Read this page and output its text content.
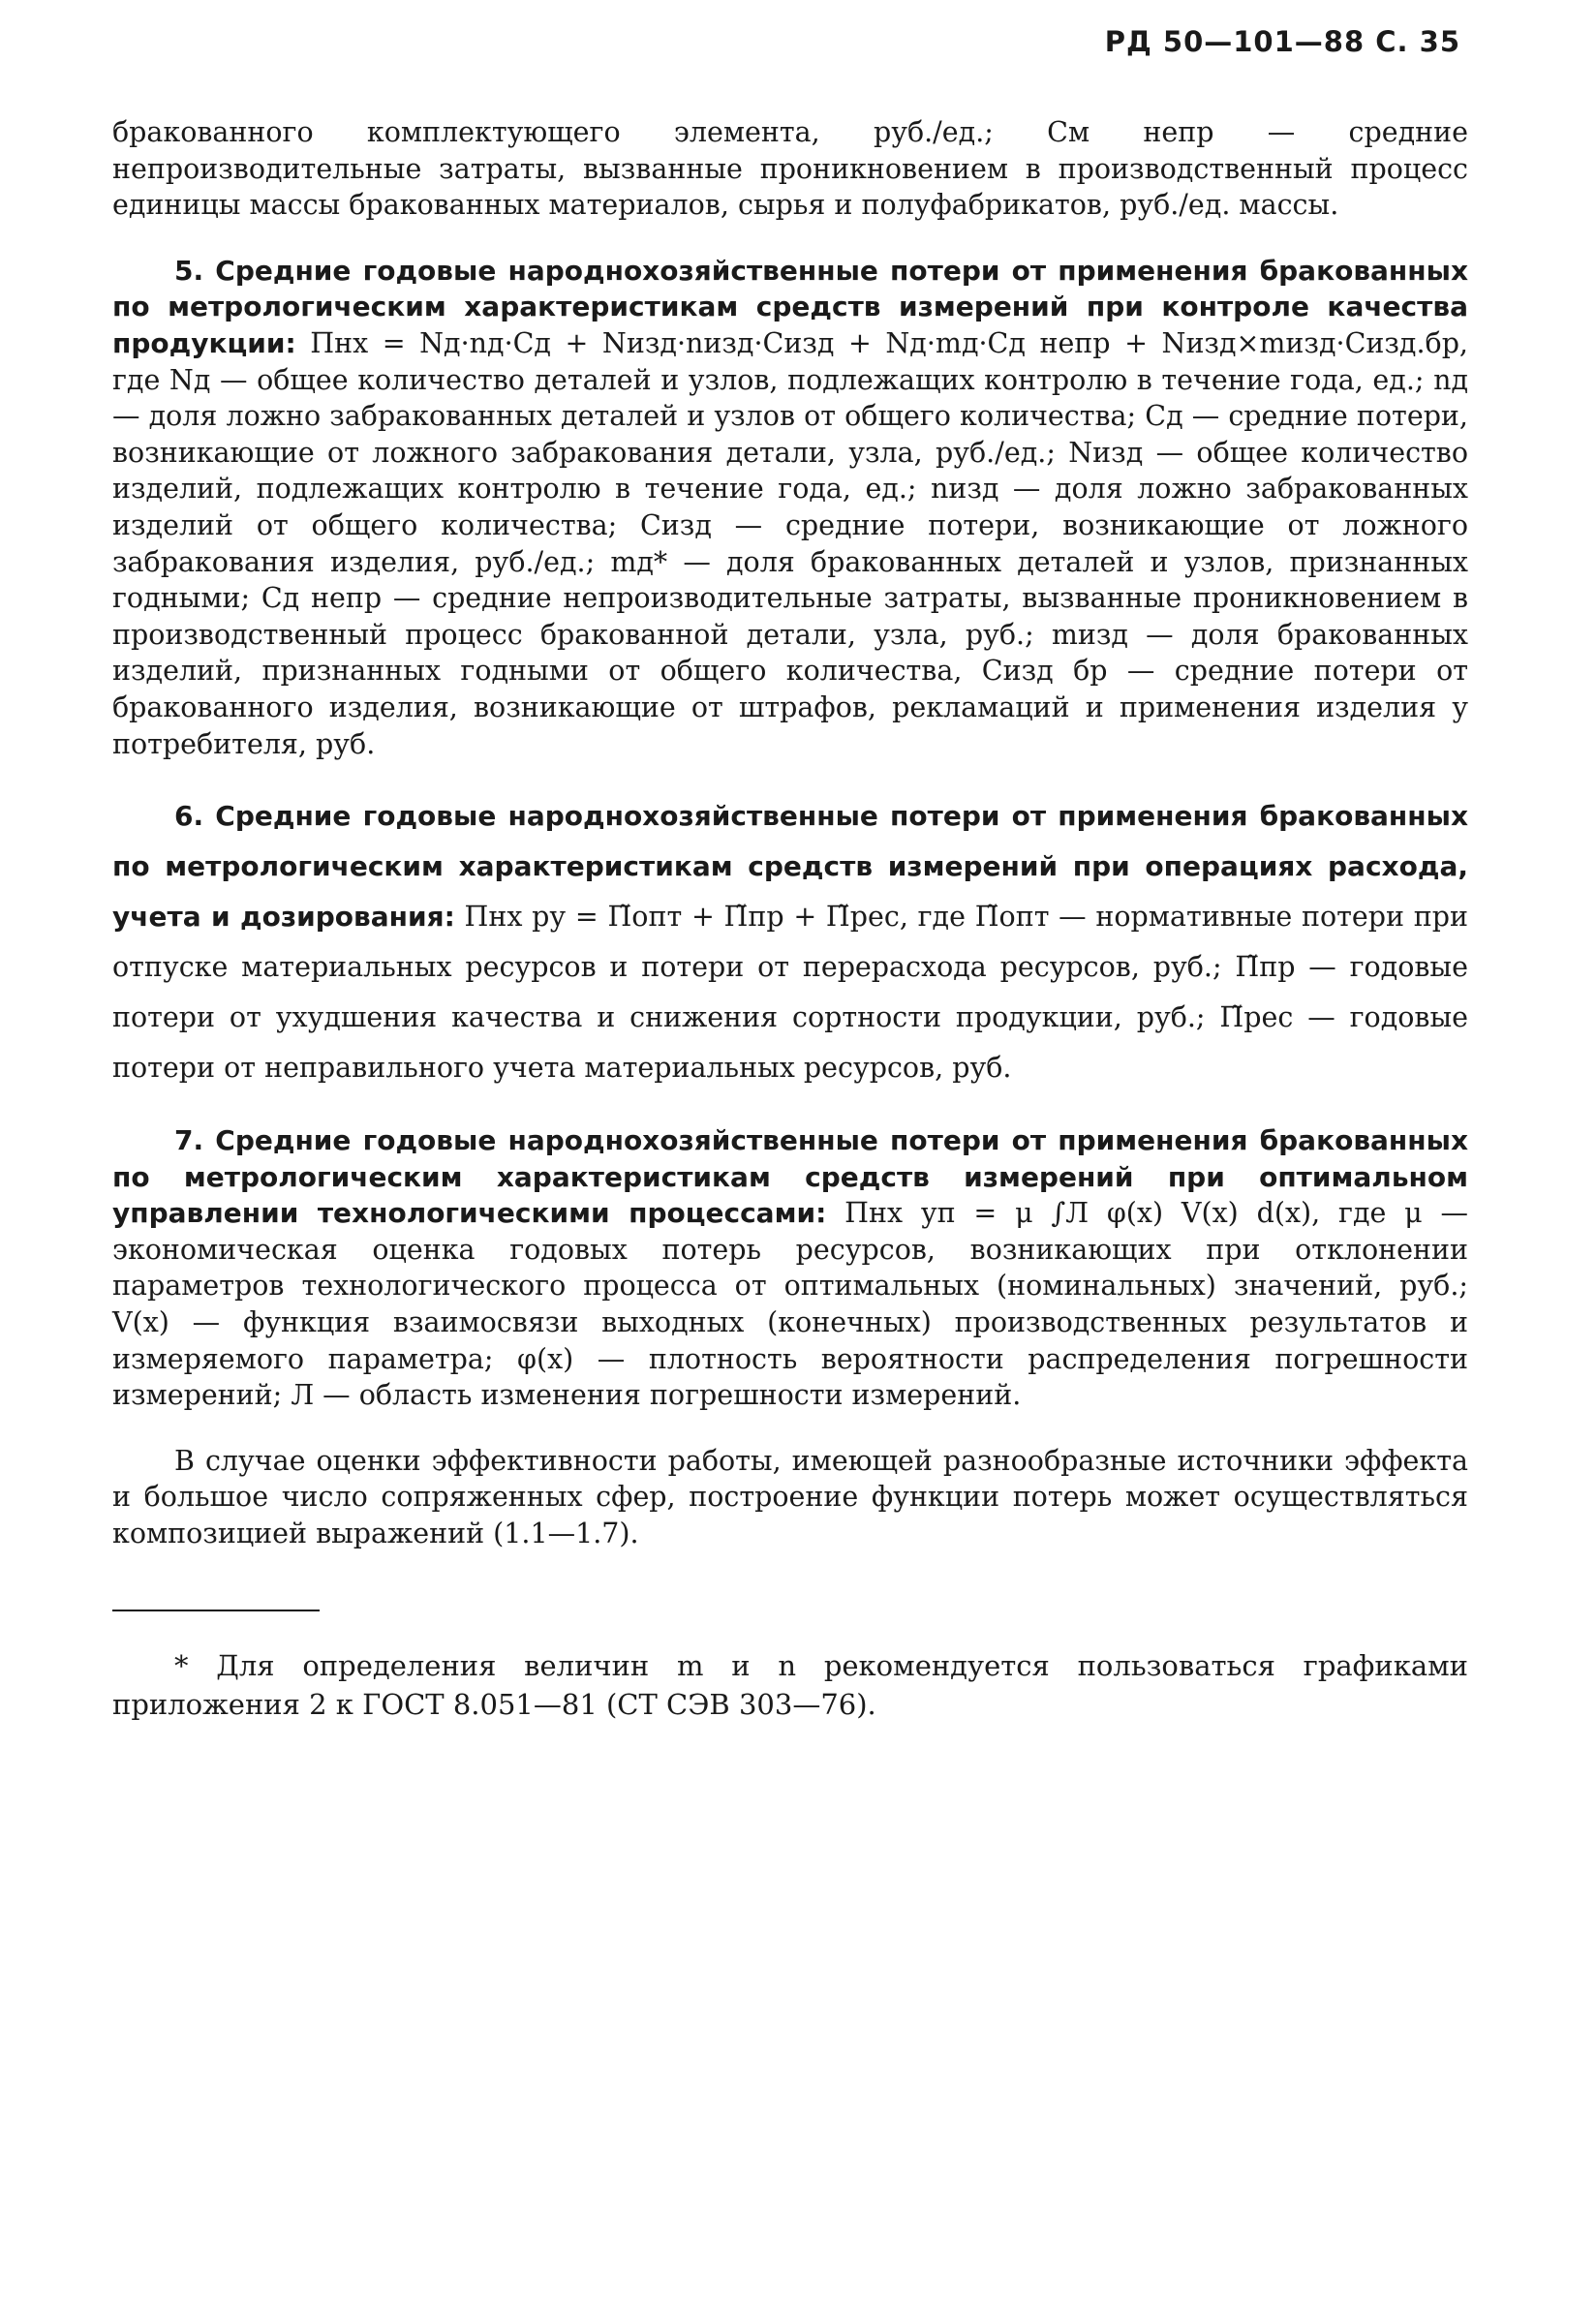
РД 50—101—88 С. 35

бракованного комплектующего элемента, руб./ед.; Cм непр — средние непроизводительные затраты, вызванные проникновением в производственный процесс единицы массы бракованных материалов, сырья и полуфабрикатов, руб./ед. массы.

5. Средние годовые народнохозяйственные потери от применения бракованных по метрологическим характеристикам средств измерений при контроле качества продукции: Пнх = Nд·nд·Cд + Nизд·nизд·Cизд + Nд·mд·Cд непр + Nизд×mизд·Cизд.бр, где Nд — общее количество деталей и узлов, подлежащих контролю в течение года, ед.; nд — доля ложно забракованных деталей и узлов от общего количества; Cд — средние потери, возникающие от ложного забракования детали, узла, руб./ед.; Nизд — общее количество изделий, подлежащих контролю в течение года, ед.; nизд — доля ложно забракованных изделий от общего количества; Cизд — средние потери, возникающие от ложного забракования изделия, руб./ед.; mд* — доля бракованных деталей и узлов, признанных годными; Cд непр — средние непроизводительные затраты, вызванные проникновением в производственный процесс бракованной детали, узла, руб.; mизд — доля бракованных изделий, признанных годными от общего количества, Cизд бр — средние потери от бракованного изделия, возникающие от штрафов, рекламаций и применения изделия у потребителя, руб.

6. Средние годовые народнохозяйственные потери от применения бракованных по метрологическим характеристикам средств измерений при операциях расхода, учета и дозирования: Пнх ру = П̃опт + П̃пр + П̃рес, где П̃опт — нормативные потери при отпуске материальных ресурсов и потери от перерасхода ресурсов, руб.; П̃пр — годовые потери от ухудшения качества и снижения сортности продукции, руб.; П̃рес — годовые потери от неправильного учета материальных ресурсов, руб.

7. Средние годовые народнохозяйственные потери от применения бракованных по метрологическим характеристикам средств измерений при оптимальном управлении технологическими процессами: Пнх уп = μ ∫Л φ(x) V(x) d(x), где μ — экономическая оценка годовых потерь ресурсов, возникающих при отклонении параметров технологического процесса от оптимальных (номинальных) значений, руб.; V(x) — функция взаимосвязи выходных (конечных) производственных результатов и измеряемого параметра; φ(x) — плотность вероятности распределения погрешности измерений; Л — область изменения погрешности измерений.

В случае оценки эффективности работы, имеющей разнообразные источники эффекта и большое число сопряженных сфер, построение функции потерь может осуществляться композицией выражений (1.1—1.7).

* Для определения величин m и n рекомендуется пользоваться графиками приложения 2 к ГОСТ 8.051—81 (СТ СЭВ 303—76).
